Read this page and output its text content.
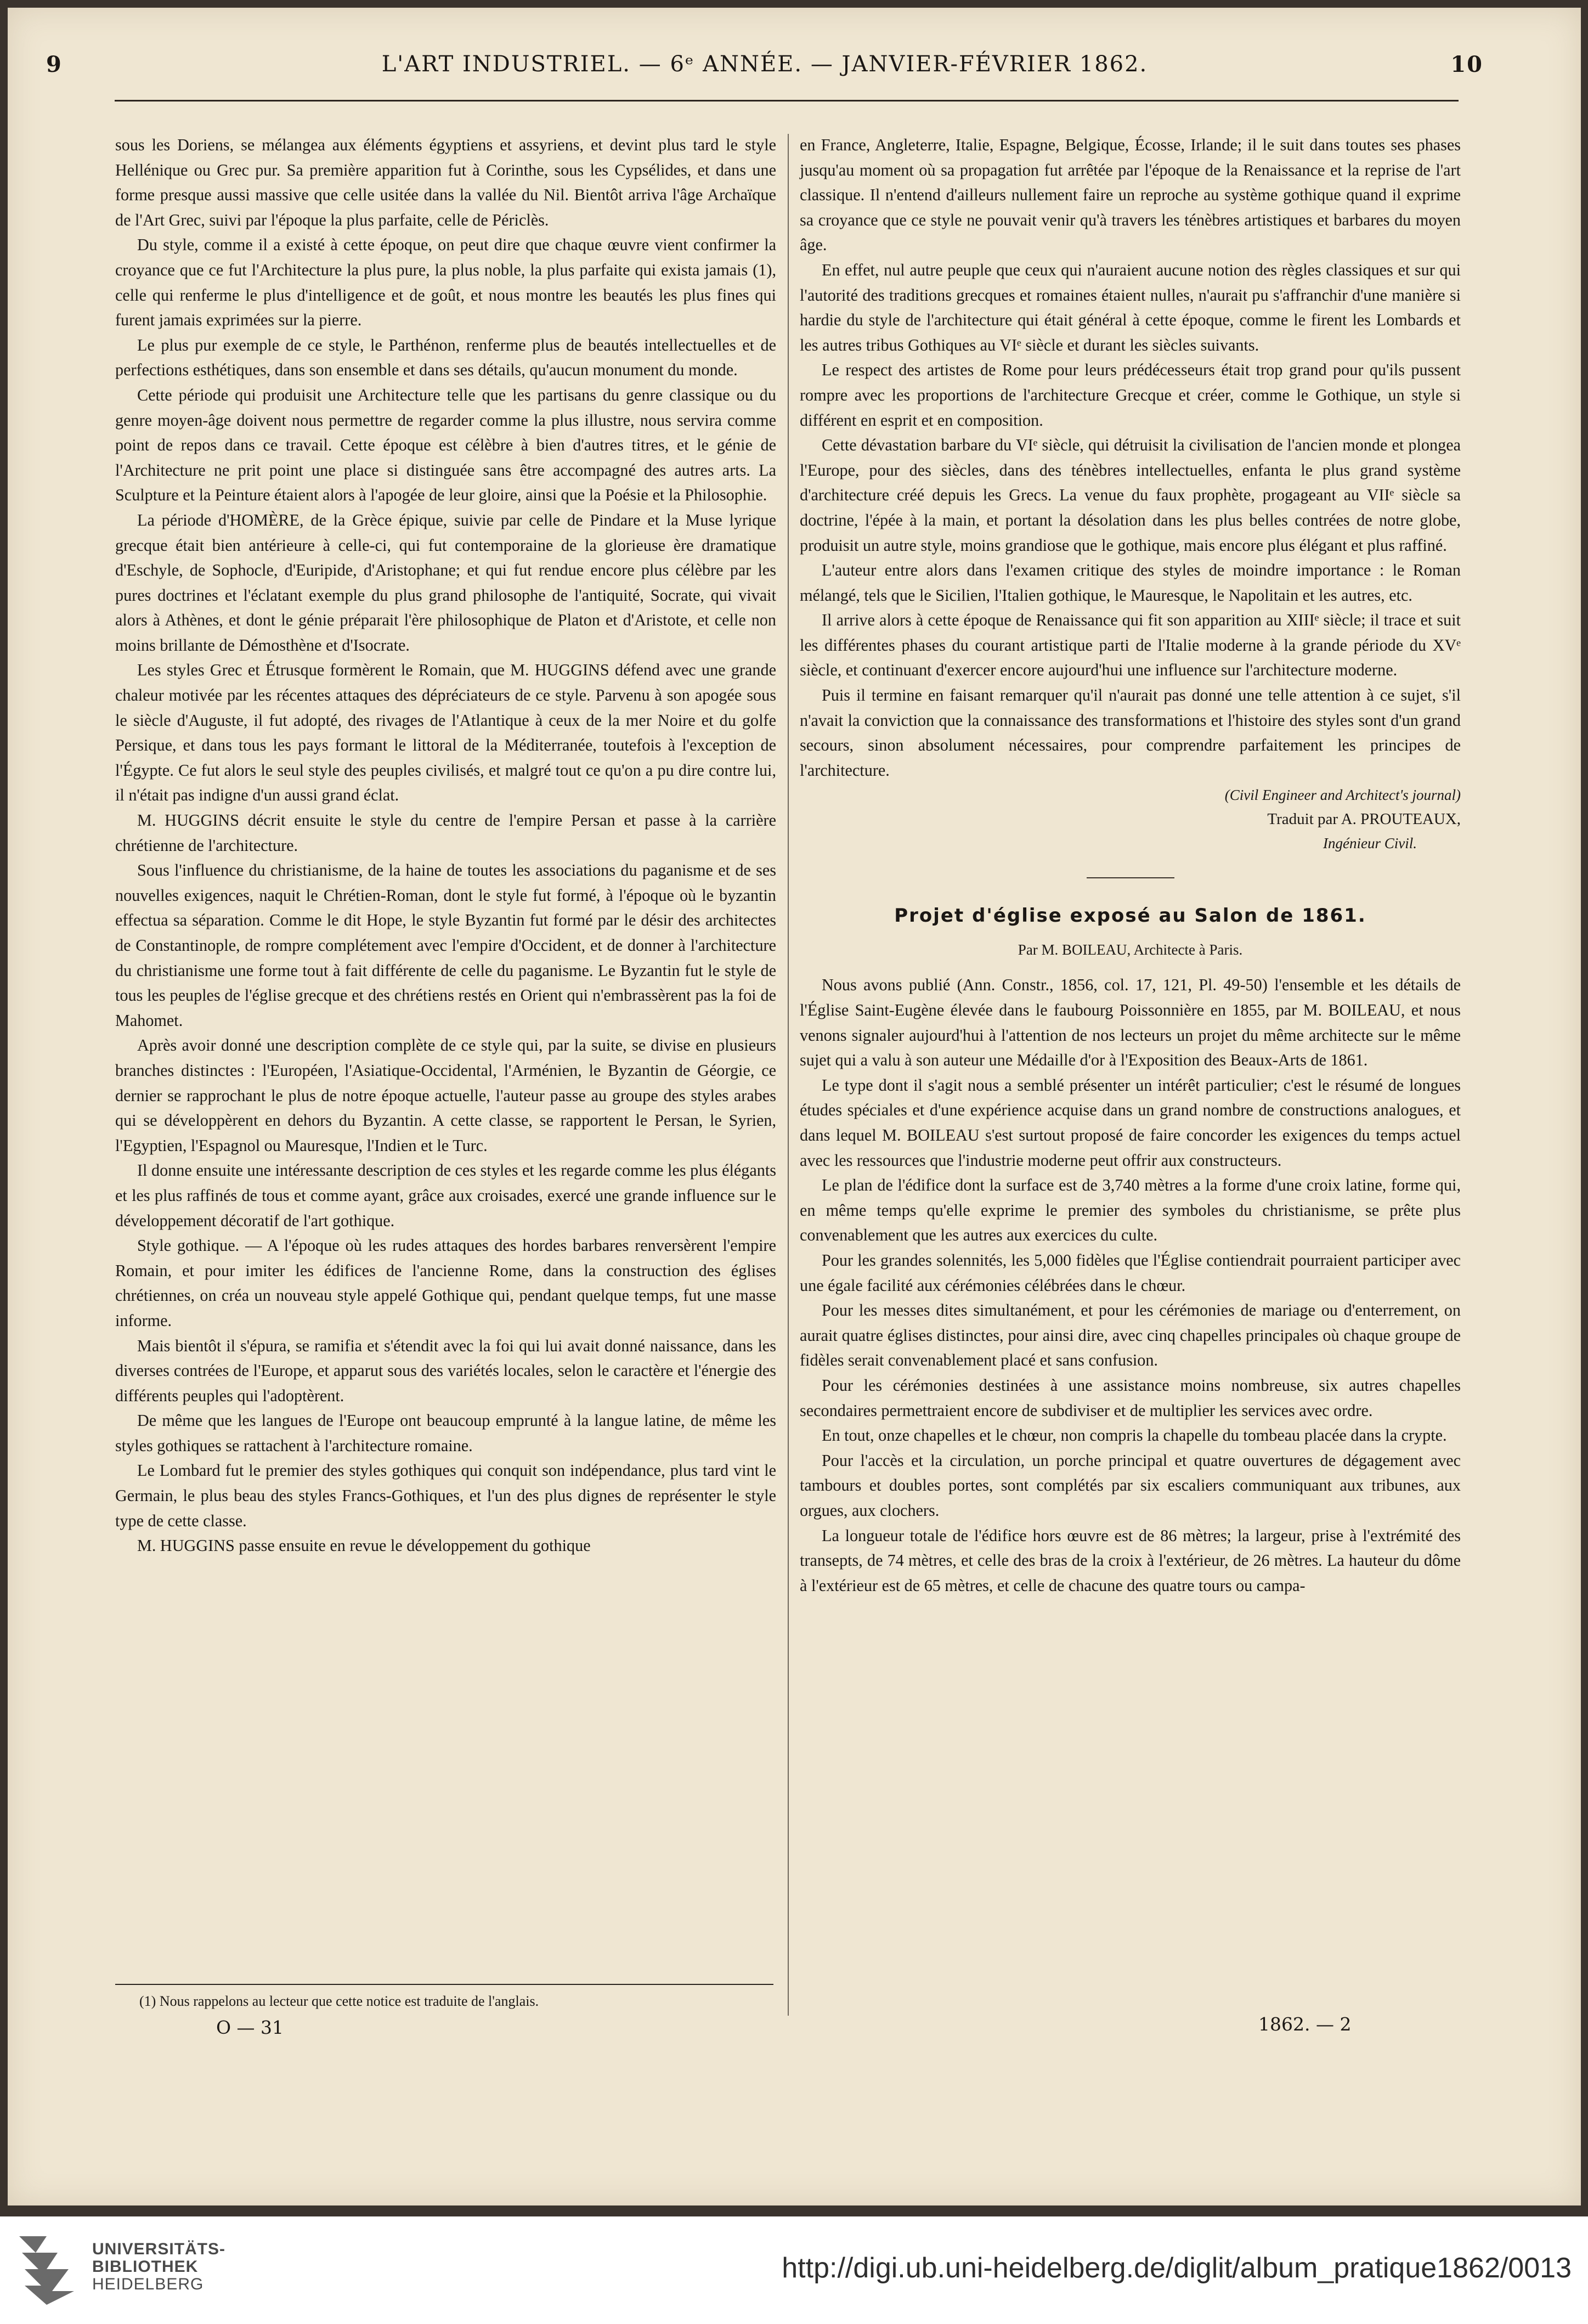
9	L'ART INDUSTRIEL. — 6ᵉ ANNÉE. — JANVIER-FÉVRIER 1862.	10

sous les Doriens, se mélangea aux éléments égyptiens et assyriens, et devint plus tard le style Hellénique ou Grec pur. Sa première apparition fut à Corinthe, sous les Cypsélides, et dans une forme presque aussi massive que celle usitée dans la vallée du Nil. Bientôt arriva l'âge Archaïque de l'Art Grec, suivi par l'époque la plus parfaite, celle de Périclès.

Du style, comme il a existé à cette époque, on peut dire que chaque œuvre vient confirmer la croyance que ce fut l'Architecture la plus pure, la plus noble, la plus parfaite qui exista jamais (1), celle qui renferme le plus d'intelligence et de goût, et nous montre les beautés les plus fines qui furent jamais exprimées sur la pierre.

Le plus pur exemple de ce style, le Parthénon, renferme plus de beautés intellectuelles et de perfections esthétiques, dans son ensemble et dans ses détails, qu'aucun monument du monde.

Cette période qui produisit une Architecture telle que les partisans du genre classique ou du genre moyen-âge doivent nous permettre de regarder comme la plus illustre, nous servira comme point de repos dans ce travail. Cette époque est célèbre à bien d'autres titres, et le génie de l'Architecture ne prit point une place si distinguée sans être accompagné des autres arts. La Sculpture et la Peinture étaient alors à l'apogée de leur gloire, ainsi que la Poésie et la Philosophie.

La période d'HOMÈRE, de la Grèce épique, suivie par celle de Pindare et la Muse lyrique grecque était bien antérieure à celle-ci, qui fut contemporaine de la glorieuse ère dramatique d'Eschyle, de Sophocle, d'Euripide, d'Aristophane; et qui fut rendue encore plus célèbre par les pures doctrines et l'éclatant exemple du plus grand philosophe de l'antiquité, Socrate, qui vivait alors à Athènes, et dont le génie préparait l'ère philosophique de Platon et d'Aristote, et celle non moins brillante de Démosthène et d'Isocrate.

Les styles Grec et Étrusque formèrent le Romain, que M. HUGGINS défend avec une grande chaleur motivée par les récentes attaques des dépréciateurs de ce style. Parvenu à son apogée sous le siècle d'Auguste, il fut adopté, des rivages de l'Atlantique à ceux de la mer Noire et du golfe Persique, et dans tous les pays formant le littoral de la Méditerranée, toutefois à l'exception de l'Égypte. Ce fut alors le seul style des peuples civilisés, et malgré tout ce qu'on a pu dire contre lui, il n'était pas indigne d'un aussi grand éclat.

M. HUGGINS décrit ensuite le style du centre de l'empire Persan et passe à la carrière chrétienne de l'architecture.

Sous l'influence du christianisme, de la haine de toutes les associations du paganisme et de ses nouvelles exigences, naquit le Chrétien-Roman, dont le style fut formé, à l'époque où le byzantin effectua sa séparation. Comme le dit Hope, le style Byzantin fut formé par le désir des architectes de Constantinople, de rompre complétement avec l'empire d'Occident, et de donner à l'architecture du christianisme une forme tout à fait différente de celle du paganisme. Le Byzantin fut le style de tous les peuples de l'église grecque et des chrétiens restés en Orient qui n'embrassèrent pas la foi de Mahomet.

Après avoir donné une description complète de ce style qui, par la suite, se divise en plusieurs branches distinctes : l'Européen, l'Asiatique-Occidental, l'Arménien, le Byzantin de Géorgie, ce dernier se rapprochant le plus de notre époque actuelle, l'auteur passe au groupe des styles arabes qui se développèrent en dehors du Byzantin. A cette classe, se rapportent le Persan, le Syrien, l'Egyptien, l'Espagnol ou Mauresque, l'Indien et le Turc.

Il donne ensuite une intéressante description de ces styles et les regarde comme les plus élégants et les plus raffinés de tous et comme ayant, grâce aux croisades, exercé une grande influence sur le développement décoratif de l'art gothique.

Style gothique. — A l'époque où les rudes attaques des hordes barbares renversèrent l'empire Romain, et pour imiter les édifices de l'ancienne Rome, dans la construction des églises chrétiennes, on créa un nouveau style appelé Gothique qui, pendant quelque temps, fut une masse informe.

Mais bientôt il s'épura, se ramifia et s'étendit avec la foi qui lui avait donné naissance, dans les diverses contrées de l'Europe, et apparut sous des variétés locales, selon le caractère et l'énergie des différents peuples qui l'adoptèrent.

De même que les langues de l'Europe ont beaucoup emprunté à la langue latine, de même les styles gothiques se rattachent à l'architecture romaine.

Le Lombard fut le premier des styles gothiques qui conquit son indépendance, plus tard vint le Germain, le plus beau des styles Francs-Gothiques, et l'un des plus dignes de représenter le style type de cette classe.

M. HUGGINS passe ensuite en revue le développement du gothique

en France, Angleterre, Italie, Espagne, Belgique, Écosse, Irlande; il le suit dans toutes ses phases jusqu'au moment où sa propagation fut arrêtée par l'époque de la Renaissance et la reprise de l'art classique. Il n'entend d'ailleurs nullement faire un reproche au système gothique quand il exprime sa croyance que ce style ne pouvait venir qu'à travers les ténèbres artistiques et barbares du moyen âge.

En effet, nul autre peuple que ceux qui n'auraient aucune notion des règles classiques et sur qui l'autorité des traditions grecques et romaines étaient nulles, n'aurait pu s'affranchir d'une manière si hardie du style de l'architecture qui était général à cette époque, comme le firent les Lombards et les autres tribus Gothiques au VIᵉ siècle et durant les siècles suivants.

Le respect des artistes de Rome pour leurs prédécesseurs était trop grand pour qu'ils pussent rompre avec les proportions de l'architecture Grecque et créer, comme le Gothique, un style si différent en esprit et en composition.

Cette dévastation barbare du VIᵉ siècle, qui détruisit la civilisation de l'ancien monde et plongea l'Europe, pour des siècles, dans des ténèbres intellectuelles, enfanta le plus grand système d'architecture créé depuis les Grecs. La venue du faux prophète, progageant au VIIᵉ siècle sa doctrine, l'épée à la main, et portant la désolation dans les plus belles contrées de notre globe, produisit un autre style, moins grandiose que le gothique, mais encore plus élégant et plus raffiné.

L'auteur entre alors dans l'examen critique des styles de moindre importance : le Roman mélangé, tels que le Sicilien, l'Italien gothique, le Mauresque, le Napolitain et les autres, etc.

Il arrive alors à cette époque de Renaissance qui fit son apparition au XIIIᵉ siècle; il trace et suit les différentes phases du courant artistique parti de l'Italie moderne à la grande période du XVᵉ siècle, et continuant d'exercer encore aujourd'hui une influence sur l'architecture moderne.

Puis il termine en faisant remarquer qu'il n'aurait pas donné une telle attention à ce sujet, s'il n'avait la conviction que la connaissance des transformations et l'histoire des styles sont d'un grand secours, sinon absolument nécessaires, pour comprendre parfaitement les principes de l'architecture.

(Civil Engineer and Architect's journal)
Traduit par A. PROUTEAUX,
Ingénieur Civil.
Projet d'église exposé au Salon de 1861.
Par M. BOILEAU, Architecte à Paris.

Nous avons publié (Ann. Constr., 1856, col. 17, 121, Pl. 49-50) l'ensemble et les détails de l'Église Saint-Eugène élevée dans le faubourg Poissonnière en 1855, par M. BOILEAU, et nous venons signaler aujourd'hui à l'attention de nos lecteurs un projet du même architecte sur le même sujet qui a valu à son auteur une Médaille d'or à l'Exposition des Beaux-Arts de 1861.

Le type dont il s'agit nous a semblé présenter un intérêt particulier; c'est le résumé de longues études spéciales et d'une expérience acquise dans un grand nombre de constructions analogues, et dans lequel M. BOILEAU s'est surtout proposé de faire concorder les exigences du temps actuel avec les ressources que l'industrie moderne peut offrir aux constructeurs.

Le plan de l'édifice dont la surface est de 3,740 mètres a la forme d'une croix latine, forme qui, en même temps qu'elle exprime le premier des symboles du christianisme, se prête plus convenablement que les autres aux exercices du culte.

Pour les grandes solennités, les 5,000 fidèles que l'Église contiendrait pourraient participer avec une égale facilité aux cérémonies célébrées dans le chœur.

Pour les messes dites simultanément, et pour les cérémonies de mariage ou d'enterrement, on aurait quatre églises distinctes, pour ainsi dire, avec cinq chapelles principales où chaque groupe de fidèles serait convenablement placé et sans confusion.

Pour les cérémonies destinées à une assistance moins nombreuse, six autres chapelles secondaires permettraient encore de subdiviser et de multiplier les services avec ordre.

En tout, onze chapelles et le chœur, non compris la chapelle du tombeau placée dans la crypte.

Pour l'accès et la circulation, un porche principal et quatre ouvertures de dégagement avec tambours et doubles portes, sont complétés par six escaliers communiquant aux tribunes, aux orgues, aux clochers.

La longueur totale de l'édifice hors œuvre est de 86 mètres; la largeur, prise à l'extrémité des transepts, de 74 mètres, et celle des bras de la croix à l'extérieur, de 26 mètres. La hauteur du dôme à l'extérieur est de 65 mètres, et celle de chacune des quatre tours ou campa-

(1) Nous rappelons au lecteur que cette notice est traduite de l'anglais.
O — 31	1862. — 2
UNIVERSITÄTS-
BIBLIOTHEK
HEIDELBERG
http://digi.ub.uni-heidelberg.de/diglit/album_pratique1862/0013
